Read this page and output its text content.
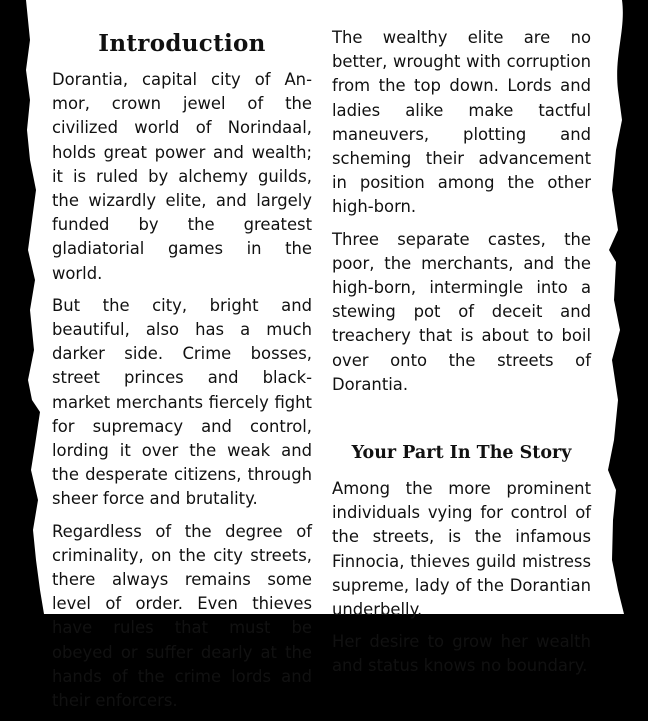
Introduction

Dorantia, capital city of An-mor, crown jewel of the civilized world of Norindaal, holds great power and wealth; it is ruled by alchemy guilds, the wizardly elite, and largely funded by the greatest gladiatorial games in the world.

But the city, bright and beautiful, also has a much darker side. Crime bosses, street princes and black-market merchants fiercely fight for supremacy and control, lording it over the weak and the desperate citizens, through sheer force and brutality.

Regardless of the degree of criminality, on the city streets, there always remains some level of order. Even thieves have rules that must be obeyed or suffer dearly at the hands of the crime lords and their enforcers.

The wealthy elite are no better, wrought with corruption from the top down. Lords and ladies alike make tactful maneuvers, plotting and scheming their advancement in position among the other high-born.

Three separate castes, the poor, the merchants, and the high-born, intermingle into a stewing pot of deceit and treachery that is about to boil over onto the streets of Dorantia.

Your Part In The Story

Among the more prominent individuals vying for control of the streets, is the infamous Finnocia, thieves guild mistress supreme, lady of the Dorantian underbelly.

Her desire to grow her wealth and status knows no boundary.
